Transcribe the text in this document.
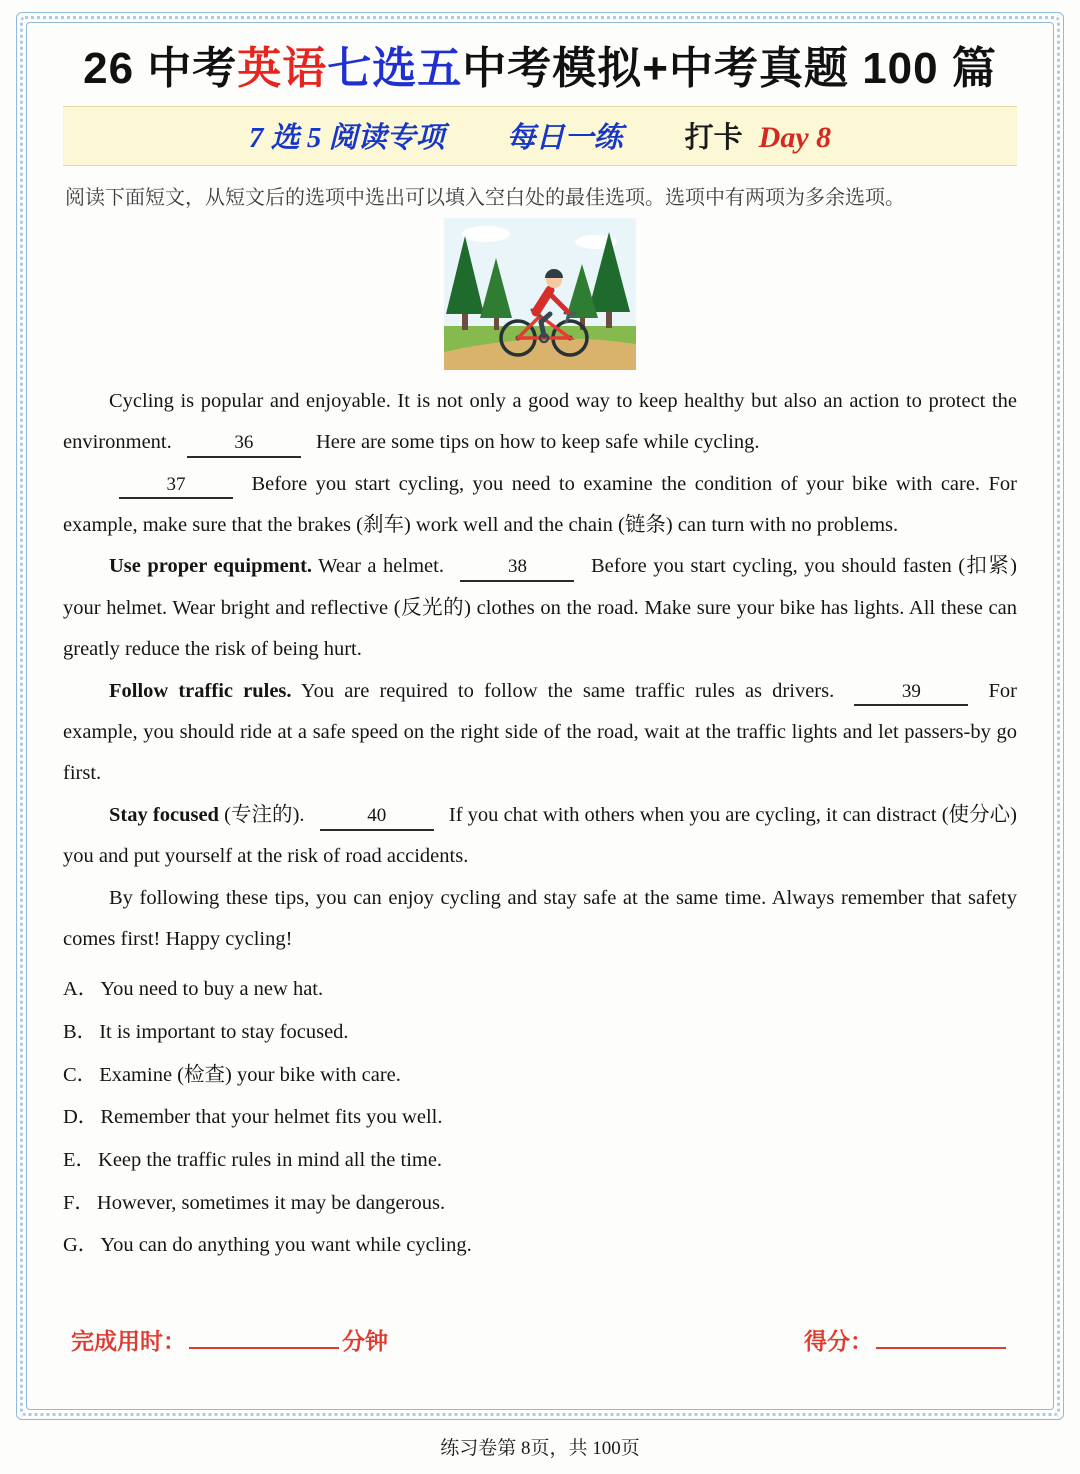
26 中考英语七选五中考模拟+中考真题 100 篇
7 选 5 阅读专项 每日一练 打卡 Day 8

阅读下面短文，从短文后的选项中选出可以填入空白处的最佳选项。选项中有两项为多余选项。

Cycling is popular and enjoyable. It is not only a good way to keep healthy but also an action to protect the environment.	36	Here are some tips on how to keep safe while cycling.

37	Before you start cycling, you need to examine the condition of your bike with care. For example, make sure that the brakes (刹车) work well and the chain (链条) can turn with no problems.

Use proper equipment. Wear a helmet.	38	Before you start cycling, you should fasten (扣紧) your helmet. Wear bright and reflective (反光的) clothes on the road. Make sure your bike has lights. All these can greatly reduce the risk of being hurt.

Follow traffic rules. You are required to follow the same traffic rules as drivers.	39	For example, you should ride at a safe speed on the right side of the road, wait at the traffic lights and let passers-by go first.

Stay focused (专注的).	40	If you chat with others when you are cycling, it can distract (使分心) you and put yourself at the risk of road accidents.

By following these tips, you can enjoy cycling and stay safe at the same time. Always remember that safety comes first! Happy cycling!

A．You need to buy a new hat.
B．It is important to stay focused.
C．Examine (检查) your bike with care.
D．Remember that your helmet fits you well.
E．Keep the traffic rules in mind all the time.
F．However, sometimes it may be dangerous.
G．You can do anything you want while cycling.
完成用时：	分钟	得分：
练习卷第 8页，共 100页
